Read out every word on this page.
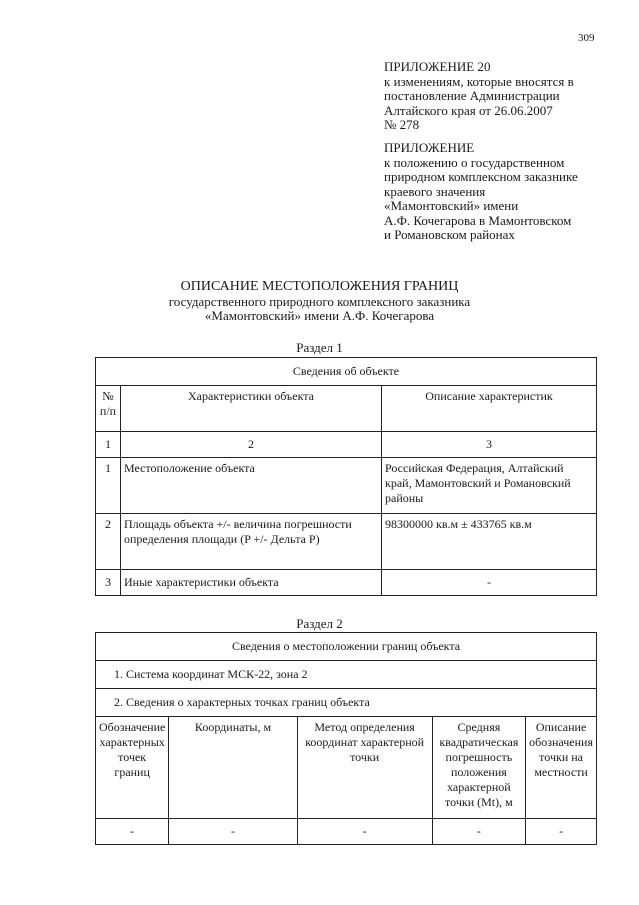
309
ПРИЛОЖЕНИЕ 20
к изменениям, которые вносятся в
постановление Администрации
Алтайского края от 26.06.2007
№ 278
ПРИЛОЖЕНИЕ
к положению о государственном
природном комплексном заказнике
краевого значения
«Мамонтовский» имени
А.Ф. Кочегарова в Мамонтовском
и Романовском районах
ОПИСАНИЕ МЕСТОПОЛОЖЕНИЯ ГРАНИЦ
государственного природного комплексного заказника
«Мамонтовский» имени А.Ф. Кочегарова
Раздел 1
Сведения об объекте		
№ п/п	Характеристики объекта	Описание характеристик
1	2	3
1	Местоположение объекта	Российская Федерация, Алтайский край, Мамонтовский и Романовский районы
2	Площадь объекта +/- величина погрешности определения площади (P +/- Дельта P)	98300000 кв.м ± 433765 кв.м
3	Иные характеристики объекта	-
Раздел 2
Сведения о местоположении границ объекта				
1. Система координат МСК-22, зона 2				
2. Сведения о характерных точках границ объекта				
Обозначение характерных точек границ	Координаты, м	Метод определения координат характерной точки	Средняя квадратическая погрешность положения характерной точки (Mt), м	Описание обозначения точки на местности
-	-	-	-	-
